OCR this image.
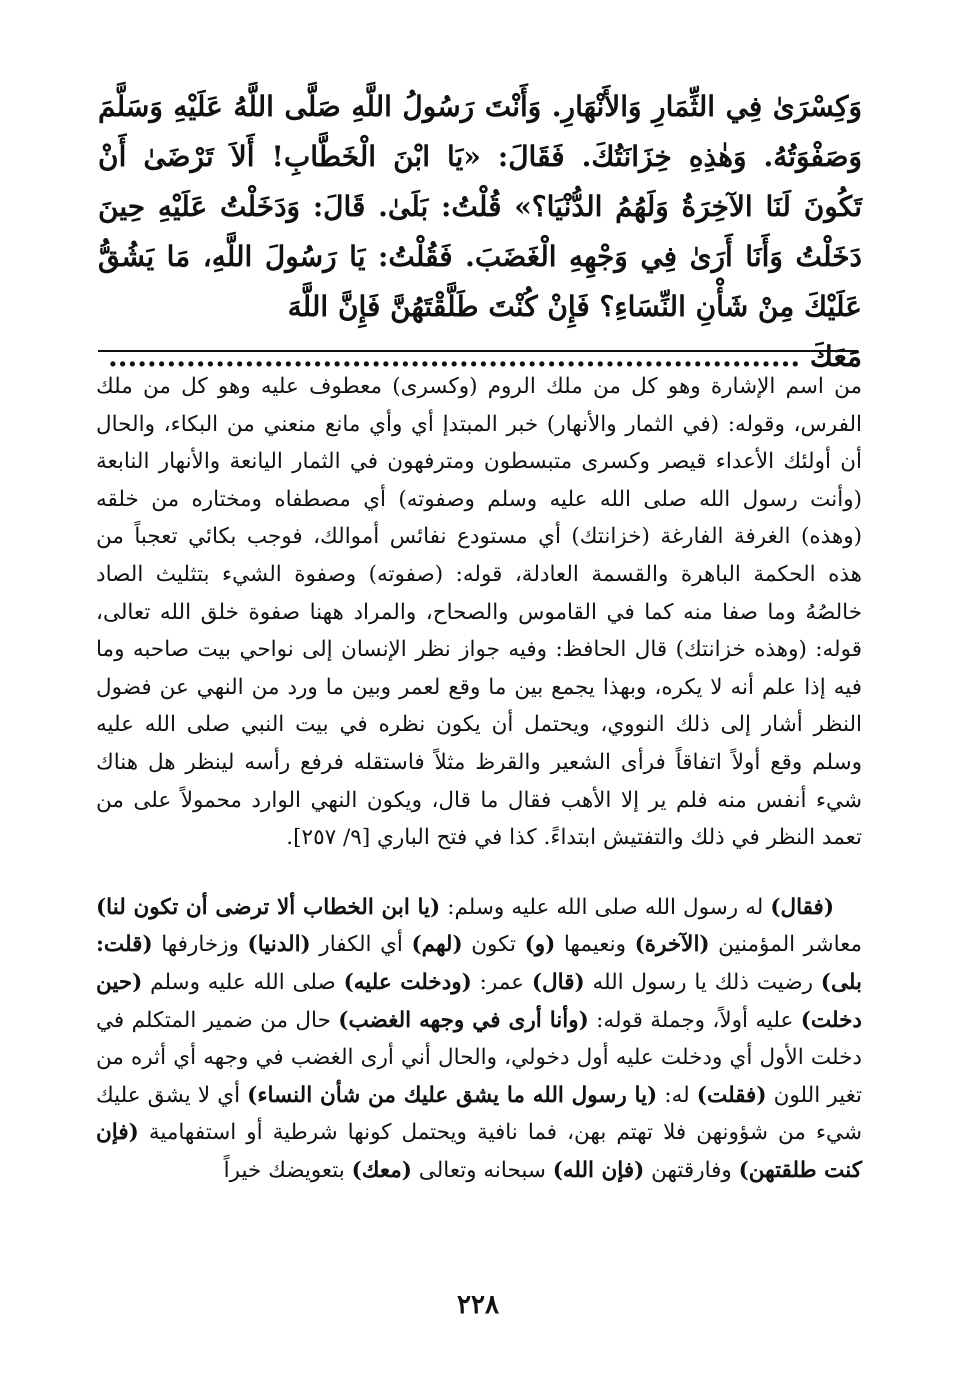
وَكِسْرَىٰ فِي الثِّمَارِ وَالأَنْهَارِ. وَأَنْتَ رَسُولُ اللَّهِ صَلَّى اللَّهُ عَلَيْهِ وَسَلَّمَ وَصَفْوَتُهُ. وَهٰذِهِ خِزَانَتُكَ. فَقَالَ: «يَا ابْنَ الْخَطَّابِ! أَلاَ تَرْضَىٰ أَنْ تَكُونَ لَنَا الآخِرَةُ وَلَهُمُ الدُّنْيَا؟» قُلْتُ: بَلَىٰ. قَالَ: وَدَخَلْتُ عَلَيْهِ حِينَ دَخَلْتُ وَأَنَا أَرَىٰ فِي وَجْهِهِ الْغَضَبَ. فَقُلْتُ: يَا رَسُولَ اللَّهِ، مَا يَشُقُّ عَلَيْكَ مِنْ شَأْنِ النِّسَاءِ؟ فَإِنْ كُنْتَ طَلَّقْتَهُنَّ فَإِنَّ اللَّهَ

مَعَكَ .......................................................................

من اسم الإشارة وهو كل من ملك الروم (وكسرى) معطوف عليه وهو كل من ملك الفرس، وقوله: (في الثمار والأنهار) خبر المبتدإ أي وأي مانع منعني من البكاء، والحال أن أولئك الأعداء قيصر وكسرى متبسطون ومترفهون في الثمار اليانعة والأنهار النابعة (وأنت رسول الله صلى الله عليه وسلم وصفوته) أي مصطفاه ومختاره من خلقه (وهذه) الغرفة الفارغة (خزانتك) أي مستودع نفائس أموالك، فوجب بكائي تعجباً من هذه الحكمة الباهرة والقسمة العادلة، قوله: (صفوته) وصفوة الشيء بتثليث الصاد خالصُهُ وما صفا منه كما في القاموس والصحاح، والمراد ههنا صفوة خلق الله تعالى، قوله: (وهذه خزانتك) قال الحافظ: وفيه جواز نظر الإنسان إلى نواحي بيت صاحبه وما فيه إذا علم أنه لا يكره، وبهذا يجمع بين ما وقع لعمر وبين ما ورد من النهي عن فضول النظر أشار إلى ذلك النووي، ويحتمل أن يكون نظره في بيت النبي صلى الله عليه وسلم وقع أولاً اتفاقاً فرأى الشعير والقرظ مثلاً فاستقله فرفع رأسه لينظر هل هناك شيء أنفس منه فلم ير إلا الأهب فقال ما قال، ويكون النهي الوارد محمولاً على من تعمد النظر في ذلك والتفتيش ابتداءً. كذا في فتح الباري [٩/ ٢٥٧].

(فقال) له رسول الله صلى الله عليه وسلم: (يا ابن الخطاب ألا ترضى أن تكون لنا) معاشر المؤمنين (الآخرة) ونعيمها (و) تكون (لهم) أي الكفار (الدنيا) وزخارفها (قلت: بلى) رضيت ذلك يا رسول الله (قال) عمر: (ودخلت عليه) صلى الله عليه وسلم (حين دخلت) عليه أولاً، وجملة قوله: (وأنا أرى في وجهه الغضب) حال من ضمير المتكلم في دخلت الأول أي ودخلت عليه أول دخولي، والحال أني أرى الغضب في وجهه أي أثره من تغير اللون (فقلت) له: (يا رسول الله ما يشق عليك من شأن النساء) أي لا يشق عليك شيء من شؤونهن فلا تهتم بهن، فما نافية ويحتمل كونها شرطية أو استفهامية (فإن كنت طلقتهن) وفارقتهن (فإن الله) سبحانه وتعالى (معك) بتعويضك خيراً

٢٢٨
